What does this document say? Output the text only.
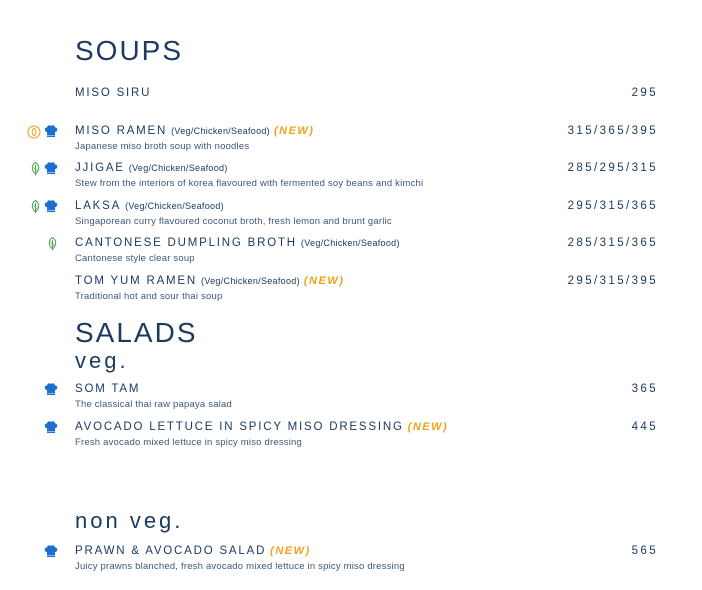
SOUPS
MISO SIRU	295
MISO RAMEN (Veg/Chicken/Seafood) (NEW)
Japanese miso broth soup with noodles
315/365/395
JJIGAE (Veg/Chicken/Seafood)
Stew from the interiors of korea flavoured with fermented soy beans and kimchi
285/295/315
LAKSA (Veg/Chicken/Seafood)
Singaporean curry flavoured coconut broth, fresh lemon and brunt garlic
295/315/365
CANTONESE DUMPLING BROTH (Veg/Chicken/Seafood)
Cantonese style clear soup
285/315/365
TOM YUM RAMEN (Veg/Chicken/Seafood) (NEW)
Traditional hot and sour thai soup
295/315/395
SALADS
veg.
SOM TAM
The classical thai raw papaya salad
365
AVOCADO LETTUCE IN SPICY MISO DRESSING (NEW)
Fresh avocado mixed lettuce in spicy miso dressing
445
non veg.
PRAWN & AVOCADO SALAD (NEW)
Juicy prawns blanched, fresh avocado mixed lettuce in spicy miso dressing
565
